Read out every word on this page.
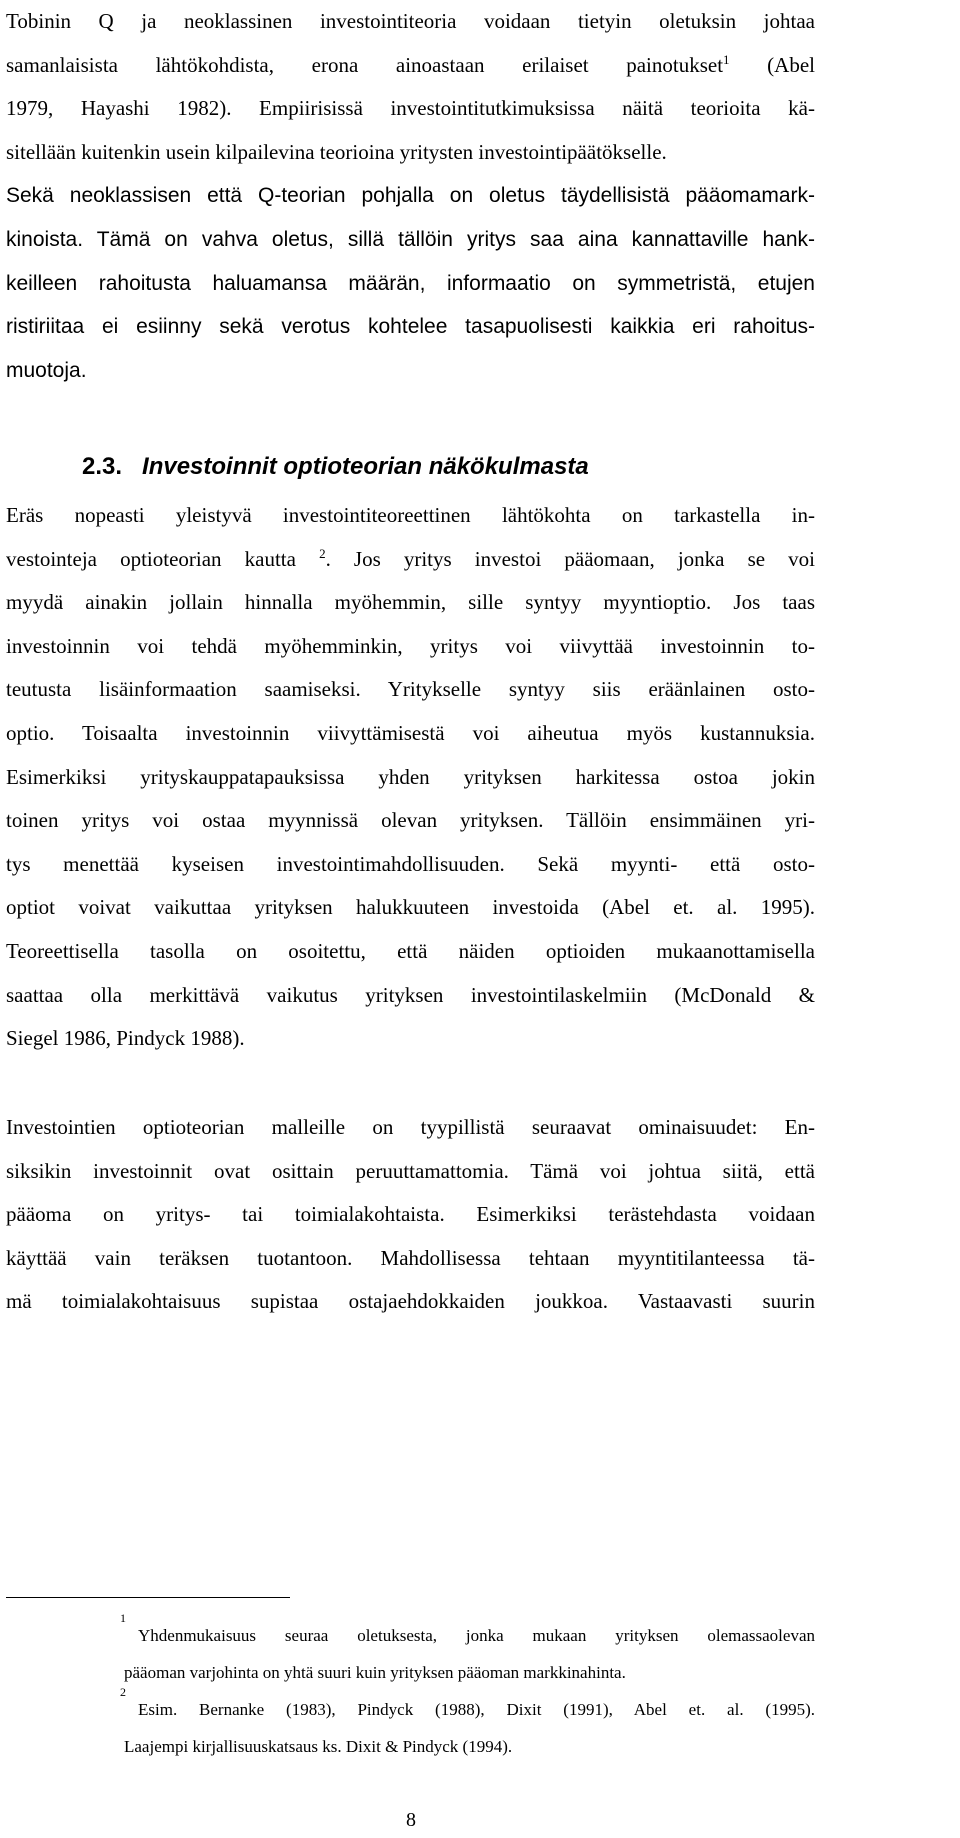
Tobinin Q ja neoklassinen investointiteoria voidaan tietyin oletuksin johtaa
samanlaisista lähtökohdista, erona ainoastaan erilaiset painotukset$^1$ (Abel
1979, Hayashi 1982). Empiirisissä investointitutkimuksissa näitä teorioita kä-
sitellään kuitenkin usein kilpailevina teorioina yritysten investointipäätökselle.
Sekä neoklassisen että Q-teorian pohjalla on oletus täydellisistä pääomamark-
kinoista. Tämä on vahva oletus, sillä tällöin yritys saa aina kannattaville hank-
keilleen rahoitusta haluamansa määrän, informaatio on symmetristä, etujen
ristiriitaa ei esiinny sekä verotus kohtelee tasapuolisesti kaikkia eri rahoitus-
muotoja.
2.3. Investoinnit optioteorian näkökulmasta
Eräs nopeasti yleistyvä investointiteoreettinen lähtökohta on tarkastella in-
vestointeja optioteorian kautta $^2$. Jos yritys investoi pääomaan, jonka se voi
myydä ainakin jollain hinnalla myöhemmin, sille syntyy myyntioptio. Jos taas
investoinnin voi tehdä myöhemminkin, yritys voi viivyttää investoinnin to-
teutusta lisäinformaation saamiseksi. Yritykselle syntyy siis eräänlainen osto-
optio. Toisaalta investoinnin viivyttämisestä voi aiheutua myös kustannuksia.
Esimerkiksi yrityskauppatapauksissa yhden yrityksen harkitessa ostoa jokin
toinen yritys voi ostaa myynnissä olevan yrityksen. Tällöin ensimmäinen yri-
tys menettää kyseisen investointimahdollisuuden. Sekä myynti- että osto-
optiot voivat vaikuttaa yrityksen halukkuuteen investoida (Abel et. al. 1995).
Teoreettisella tasolla on osoitettu, että näiden optioiden mukaanottamisella
saattaa olla merkittävä vaikutus yrityksen investointilaskelmiin (McDonald &
Siegel 1986, Pindyck 1988).
Investointien optioteorian malleille on tyypillistä seuraavat ominaisuudet: En-
siksikin investoinnit ovat osittain peruuttamattomia. Tämä voi johtua siitä, että
pääoma on yritys- tai toimialakohtaista. Esimerkiksi terästehdasta voidaan
käyttää vain teräksen tuotantoon. Mahdollisessa tehtaan myyntitilanteessa tä-
mä toimialakohtaisuus supistaa ostajaehdokkaiden joukkoa. Vastaavasti suurin
1
Yhdenmukaisuus seuraa oletuksesta, jonka mukaan yrityksen olemassaolevan
pääoman varjohinta on yhtä suuri kuin yrityksen pääoman markkinahinta.
2
Esim. Bernanke (1983), Pindyck (1988), Dixit (1991), Abel et. al. (1995).
Laajempi kirjallisuuskatsaus ks. Dixit & Pindyck (1994).
8
